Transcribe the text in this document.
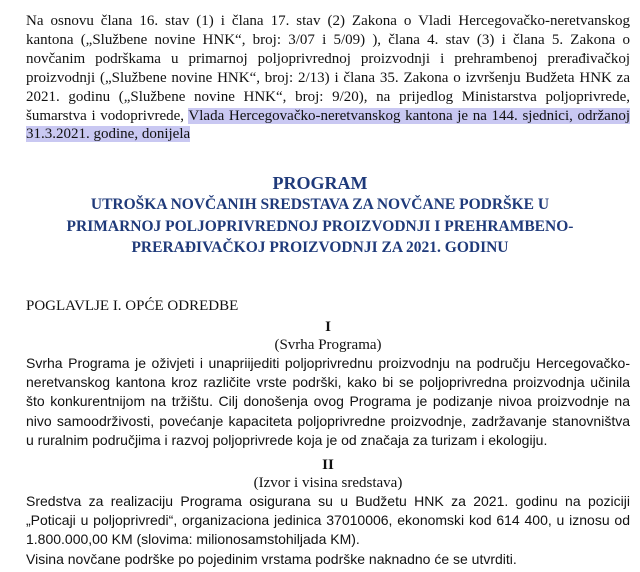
Na osnovu člana 16. stav (1) i člana 17. stav (2) Zakona o Vladi Hercegovačko-neretvanskog kantona („Službene novine HNK“, broj: 3/07 i 5/09) ), člana 4. stav (3) i člana 5. Zakona o novčanim podrškama u primarnoj poljoprivrednoj proizvodnji i prehrambenoj prerađivačkoj proizvodnji („Službene novine HNK“, broj: 2/13) i člana 35. Zakona o izvršenju Budžeta HNK za 2021. godinu („Službene novine HNK“, broj: 9/20), na prijedlog Ministarstva poljoprivrede, šumarstva i vodoprivrede, Vlada Hercegovačko-neretvanskog kantona je na 144. sjednici, održanoj 31.3.2021. godine, donijela

PROGRAM

UTROŠKA NOVČANIH SREDSTAVA ZA NOVČANE PODRŠKE U PRIMARNOJ POLJOPRIVREDNOJ PROIZVODNJI I PREHRAMBENO-PRERAĐIVAČKOJ PROIZVODNJI ZA 2021. GODINU

POGLAVLJE I. OPĆE ODREDBE

I

(Svrha Programa)

Svrha Programa je oživjeti i unapriijediti poljoprivrednu proizvodnju na području Hercegovačko-neretvanskog kantona kroz različite vrste podrški, kako bi se poljoprivredna proizvodnja učinila što konkurentnijom na tržištu. Cilj donošenja ovog Programa je podizanje nivoa proizvodnje na nivo samoodrživosti, povećanje kapaciteta poljoprivredne proizvodnje, zadržavanje stanovništva u ruralnim područjima i razvoj poljoprivrede koja je od značaja za turizam i ekologiju.

II

(Izvor i visina sredstava)

Sredstva za realizaciju Programa osigurana su u Budžetu HNK za 2021. godinu na poziciji „Poticaji u poljoprivredi“, organizaciona jedinica 37010006, ekonomski kod 614 400, u iznosu od 1.800.000,00 KM (slovima: milionosamstohiljada KM).

Visina novčane podrške po pojedinim vrstama podrške naknadno će se utvrditi.
